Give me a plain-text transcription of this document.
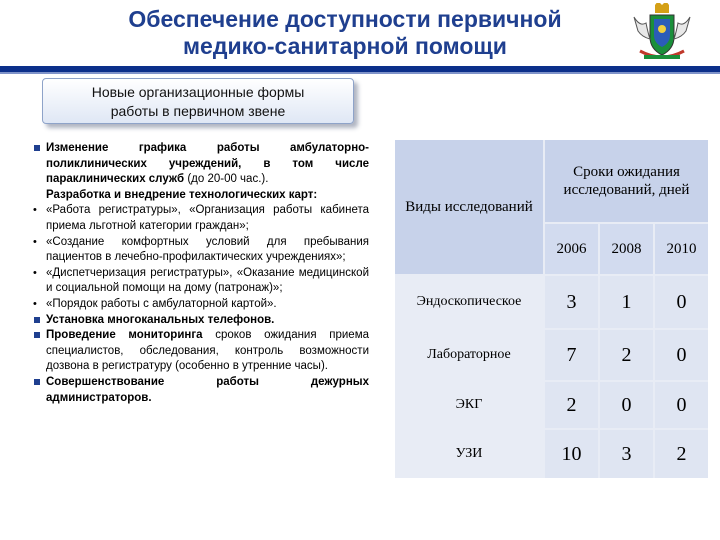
Обеспечение доступности первичной медико-санитарной помощи
Новые организационные формы
работы в первичном звене
Изменение графика работы амбулаторно-поликлинических учреждений, в том числе параклинических служб (до 20-00 час.).
Разработка и внедрение технологических карт:
• «Работа регистратуры», «Организация работы кабинета приема льготной категории граждан»;
• «Создание комфортных условий для пребывания пациентов в лечебно-профилактических учреждениях»;
• «Диспетчеризация регистратуры», «Оказание медицинской и социальной помощи на дому (патронаж)»;
• «Порядок работы с амбулаторной картой».
Установка многоканальных телефонов.
Проведение мониторинга сроков ожидания приема специалистов, обследования, контроль возможности дозвона в регистратуру (особенно в утренние часы).
Совершенствование работы дежурных администраторов.
Виды исследований
Сроки ожидания исследований, дней
2006	2008	2010
Эндоскопическое	3	1	0
Лабораторное	7	2	0
ЭКГ	2	0	0
УЗИ	10	3	2
